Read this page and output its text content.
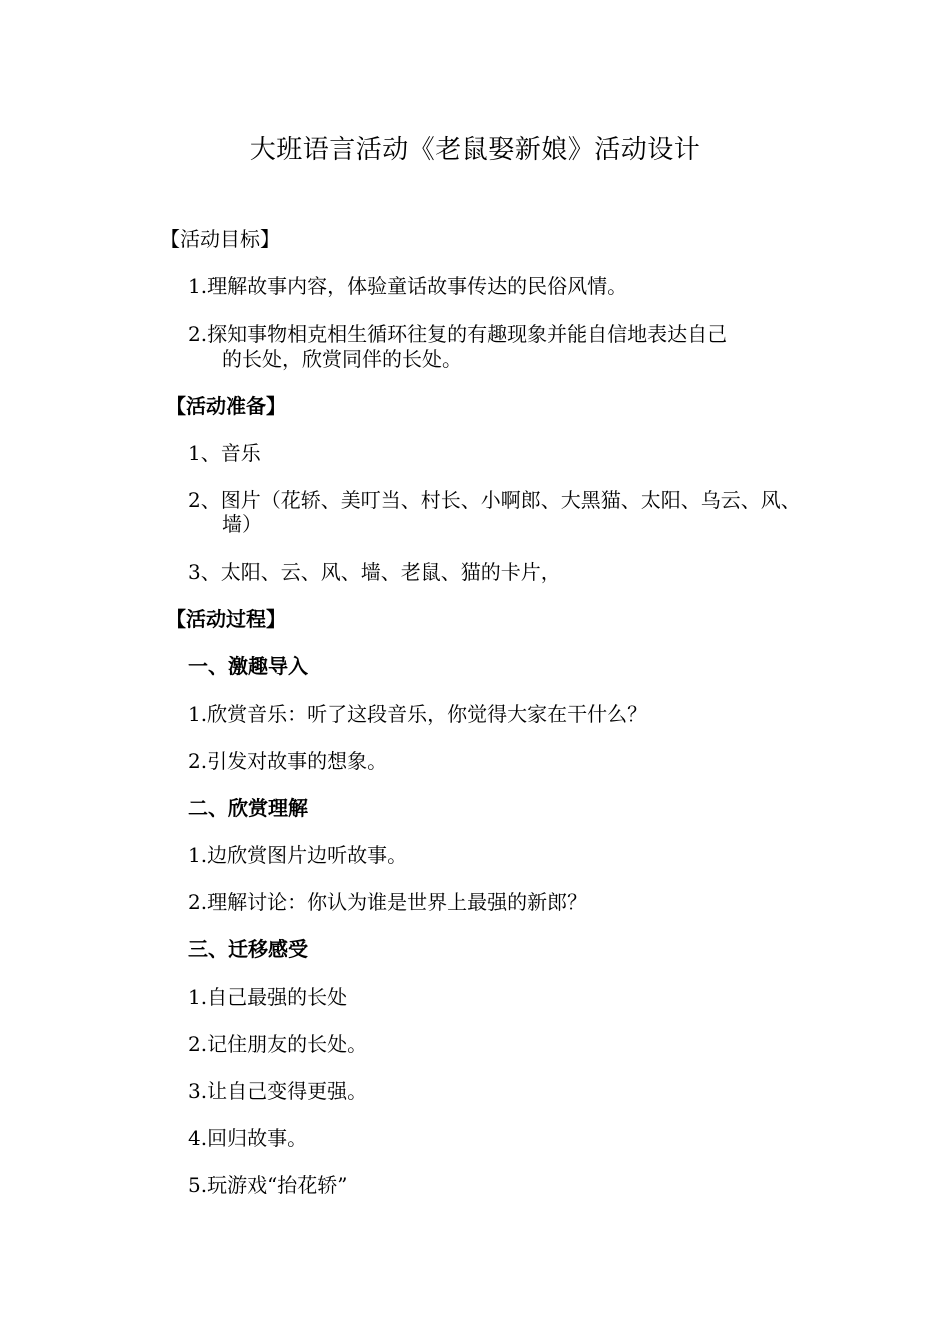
大班语言活动《老鼠娶新娘》活动设计
【活动目标】
1.理解故事内容，体验童话故事传达的民俗风情。
2.探知事物相克相生循环往复的有趣现象并能自信地表达自己
的长处，欣赏同伴的长处。
【活动准备】
1、音乐
2、图片（花轿、美叮当、村长、小啊郎、大黑猫、太阳、乌云、风、
墙）
3、太阳、云、风、墙、老鼠、猫的卡片，
【活动过程】
一、激趣导入
1.欣赏音乐：听了这段音乐，你觉得大家在干什么？
2.引发对故事的想象。
二、欣赏理解
1.边欣赏图片边听故事。
2.理解讨论：你认为谁是世界上最强的新郎？
三、迁移感受
1.自己最强的长处
2.记住朋友的长处。
3.让自己变得更强。
4.回归故事。
5.玩游戏“抬花轿”
